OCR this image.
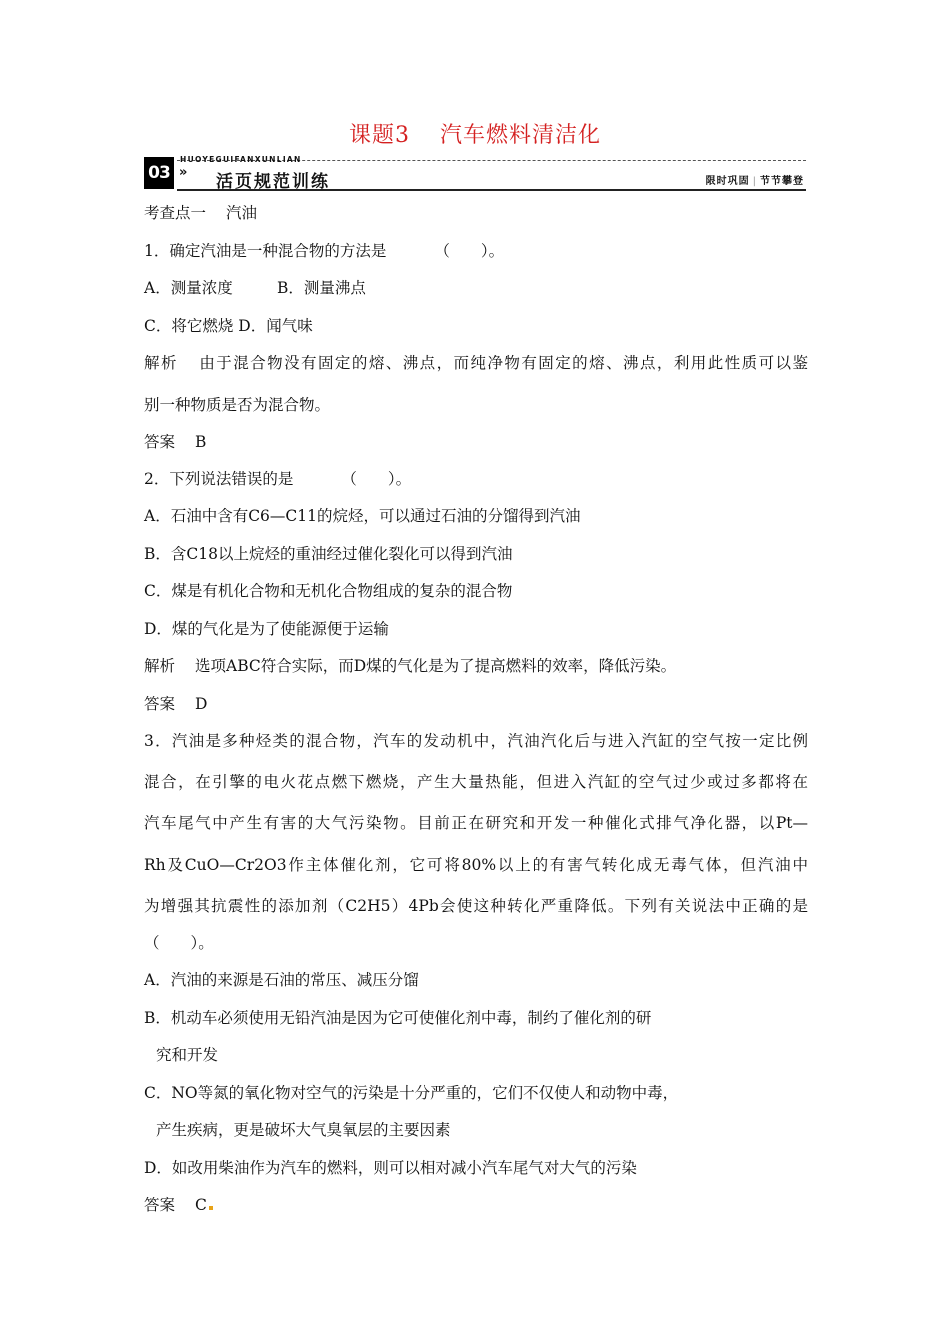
课题3 汽车燃料清洁化
03
HUOYEGUIFANXUNLIAN
» 活页规范训练	限时巩固 | 节节攀登
考查点一 汽油
1．确定汽油是一种混合物的方法是	（　　）。
A．测量浓度	B．测量沸点
C．将它燃烧 D．闻气味
解析 由于混合物没有固定的熔、沸点，而纯净物有固定的熔、沸点，利用此性质可以鉴
别一种物质是否为混合物。
答案 B
2．下列说法错误的是	（　　）。
A．石油中含有C6—C11的烷烃，可以通过石油的分馏得到汽油
B．含C18以上烷烃的重油经过催化裂化可以得到汽油
C．煤是有机化合物和无机化合物组成的复杂的混合物
D．煤的气化是为了使能源便于运输
解析 选项ABC符合实际，而D煤的气化是为了提高燃料的效率，降低污染。
答案 D
3．汽油是多种烃类的混合物，汽车的发动机中，汽油汽化后与进入汽缸的空气按一定比例
混合，在引擎的电火花点燃下燃烧，产生大量热能，但进入汽缸的空气过少或过多都将在
汽车尾气中产生有害的大气污染物。目前正在研究和开发一种催化式排气净化器，以Pt—
Rh及CuO—Cr2O3作主体催化剂，它可将80%以上的有害气转化成无毒气体，但汽油中
为增强其抗震性的添加剂（C2H5）4Pb会使这种转化严重降低。下列有关说法中正确的是
（　　）。
A．汽油的来源是石油的常压、减压分馏
B．机动车必须使用无铅汽油是因为它可使催化剂中毒，制约了催化剂的研
究和开发
C．NO等氮的氧化物对空气的污染是十分严重的，它们不仅使人和动物中毒，
产生疾病，更是破坏大气臭氧层的主要因素
D．如改用柴油作为汽车的燃料，则可以相对减小汽车尾气对大气的污染
答案 C
